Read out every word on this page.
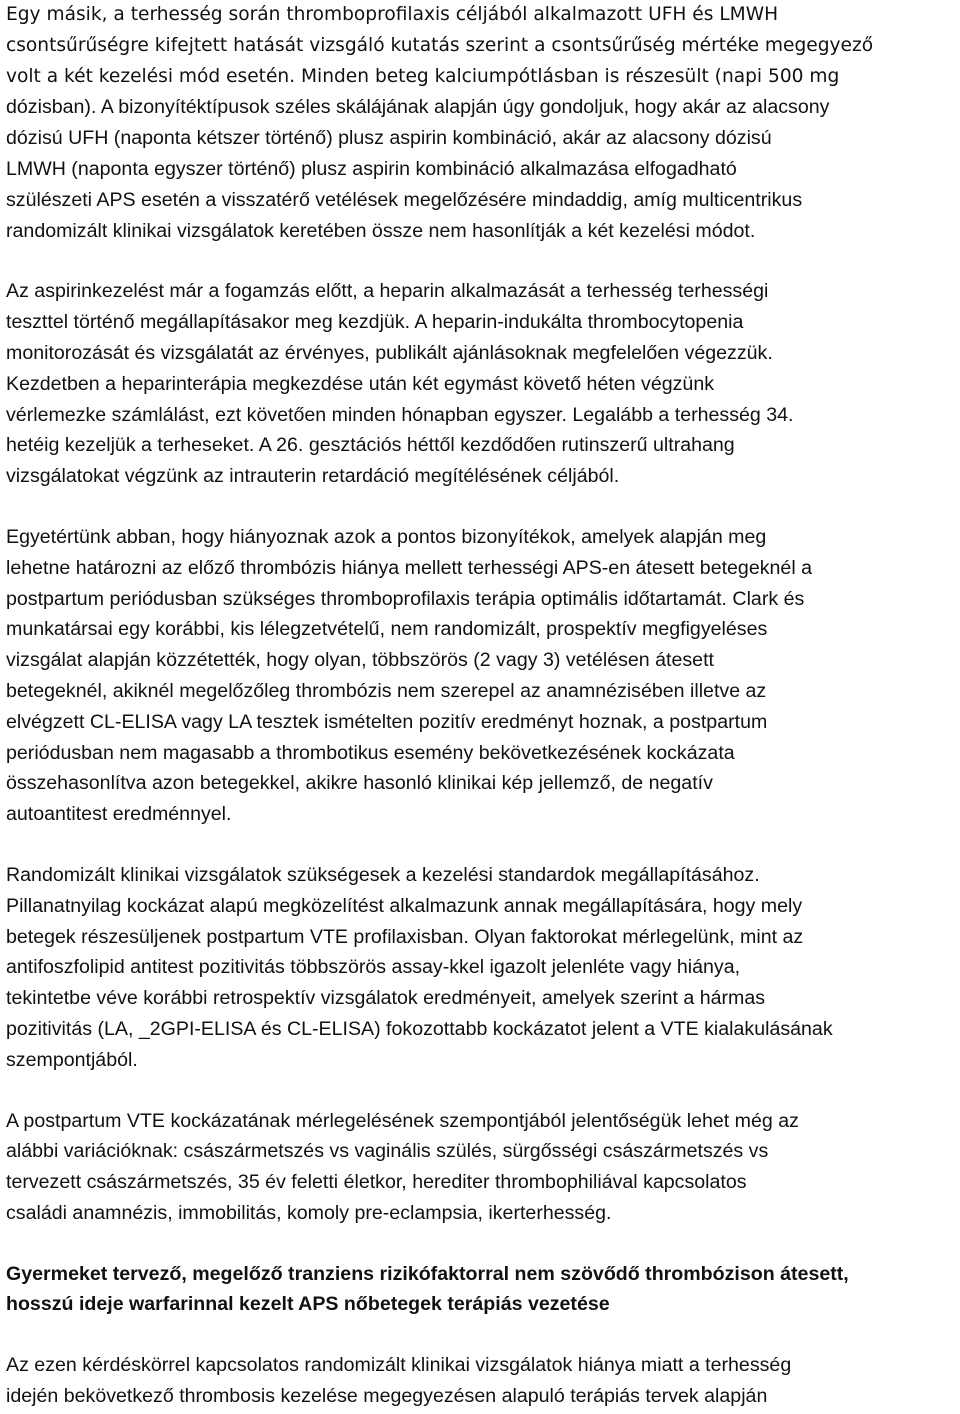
Egy másik, a terhesség során thromboprofilaxis céljából alkalmazott UFH és LMWH
csontsűrűségre kifejtett hatását vizsgáló kutatás szerint a csontsűrűség mértéke megegyező
volt a két kezelési mód esetén. Minden beteg kalciumpótlásban is részesült (napi 500 mg
dózisban). A bizonyítéktípusok széles skálájának alapján úgy gondoljuk, hogy akár az alacsony
dózisú UFH (naponta kétszer történő) plusz aspirin kombináció, akár az alacsony dózisú
LMWH (naponta egyszer történő) plusz aspirin kombináció alkalmazása elfogadható
szülészeti APS esetén a visszatérő vetélések megelőzésére mindaddig, amíg multicentrikus
randomizált klinikai vizsgálatok keretében össze nem hasonlítják a két kezelési módot.

Az aspirinkezelést már a fogamzás előtt, a heparin alkalmazását a terhesség terhességi
teszttel történő megállapításakor meg kezdjük. A heparin-indukálta thrombocytopenia
monitorozását és vizsgálatát az érvényes, publikált ajánlásoknak megfelelően végezzük.
Kezdetben a heparinterápia megkezdése után két egymást követő héten végzünk
vérlemezke számlálást, ezt követően minden hónapban egyszer. Legalább a terhesség 34.
hetéig kezeljük a terheseket. A 26. gesztációs héttől kezdődően rutinszerű ultrahang
vizsgálatokat végzünk az intrauterin retardáció megítélésének céljából.

Egyetértünk abban, hogy hiányoznak azok a pontos bizonyítékok, amelyek alapján meg
lehetne határozni az előző thrombózis hiánya mellett terhességi APS-en átesett betegeknél a
postpartum periódusban szükséges thromboprofilaxis terápia optimális időtartamát. Clark és
munkatársai egy korábbi, kis lélegzetvételű, nem randomizált, prospektív megfigyeléses
vizsgálat alapján közzétették, hogy olyan, többszörös (2 vagy 3) vetélésen átesett
betegeknél, akiknél megelőzőleg thrombózis nem szerepel az anamnézisében illetve az
elvégzett CL-ELISA vagy LA tesztek ismételten pozitív eredményt hoznak, a postpartum
periódusban nem magasabb a thrombotikus esemény bekövetkezésének kockázata
összehasonlítva azon betegekkel, akikre hasonló klinikai kép jellemző, de negatív
autoantitest eredménnyel.

Randomizált klinikai vizsgálatok szükségesek a kezelési standardok megállapításához.
Pillanatnyilag kockázat alapú megközelítést alkalmazunk annak megállapítására, hogy mely
betegek részesüljenek postpartum VTE profilaxisban. Olyan faktorokat mérlegelünk, mint az
antifoszfolipid antitest pozitivitás többszörös assay-kkel igazolt jelenléte vagy hiánya,
tekintetbe véve korábbi retrospektív vizsgálatok eredményeit, amelyek szerint a hármas
pozitivitás (LA, _2GPI-ELISA és CL-ELISA) fokozottabb kockázatot jelent a VTE kialakulásának
szempontjából.

A postpartum VTE kockázatának mérlegelésének szempontjából jelentőségük lehet még az
alábbi variációknak: császármetszés vs vaginális szülés, sürgősségi császármetszés vs
tervezett császármetszés, 35 év feletti életkor, herediter thrombophiliával kapcsolatos
családi anamnézis, immobilitás, komoly pre-eclampsia, ikerterhesség.

Gyermeket tervező, megelőző tranziens rizikófaktorral nem szövődő thrombózison átesett,
hosszú ideje warfarinnal kezelt APS nőbetegek terápiás vezetése

Az ezen kérdéskörrel kapcsolatos randomizált klinikai vizsgálatok hiánya miatt a terhesség
idején bekövetkező thrombosis kezelése megegyezésen alapuló terápiás tervek alapján
